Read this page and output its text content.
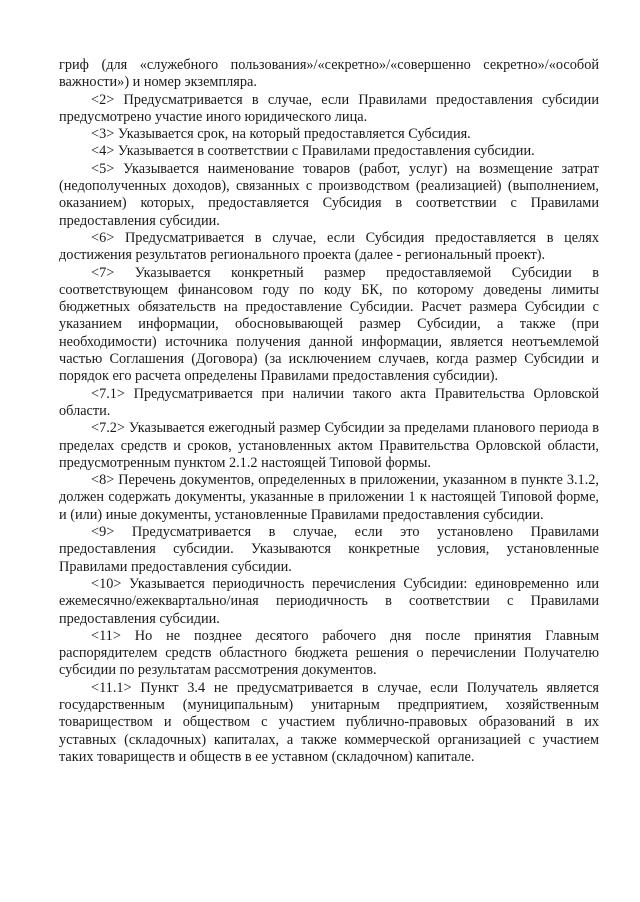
гриф (для «служебного пользования»/«секретно»/«совершенно секретно»/«особой важности») и номер экземпляра.

<2> Предусматривается в случае, если Правилами предоставления субсидии предусмотрено участие иного юридического лица.

<3> Указывается срок, на который предоставляется Субсидия.

<4> Указывается в соответствии с Правилами предоставления субсидии.

<5> Указывается наименование товаров (работ, услуг) на возмещение затрат (недополученных доходов), связанных с производством (реализацией) (выполнением, оказанием) которых, предоставляется Субсидия в соответствии с Правилами предоставления субсидии.

<6> Предусматривается в случае, если Субсидия предоставляется в целях достижения результатов регионального проекта (далее - региональный проект).

<7> Указывается конкретный размер предоставляемой Субсидии в соответствующем финансовом году по коду БК, по которому доведены лимиты бюджетных обязательств на предоставление Субсидии. Расчет размера Субсидии с указанием информации, обосновывающей размер Субсидии, а также (при необходимости) источника получения данной информации, является неотъемлемой частью Соглашения (Договора) (за исключением случаев, когда размер Субсидии и порядок его расчета определены Правилами предоставления субсидии).

<7.1> Предусматривается при наличии такого акта Правительства Орловской области.

<7.2> Указывается ежегодный размер Субсидии за пределами планового периода в пределах средств и сроков, установленных актом Правительства Орловской области, предусмотренным пунктом 2.1.2 настоящей Типовой формы.

<8> Перечень документов, определенных в приложении, указанном в пункте 3.1.2, должен содержать документы, указанные в приложении 1 к настоящей Типовой форме, и (или) иные документы, установленные Правилами предоставления субсидии.

<9> Предусматривается в случае, если это установлено Правилами предоставления субсидии. Указываются конкретные условия, установленные Правилами предоставления субсидии.

<10> Указывается периодичность перечисления Субсидии: единовременно или ежемесячно/ежеквартально/иная периодичность в соответствии с Правилами предоставления субсидии.

<11> Но не позднее десятого рабочего дня после принятия Главным распорядителем средств областного бюджета решения о перечислении Получателю субсидии по результатам рассмотрения документов.

<11.1> Пункт 3.4 не предусматривается в случае, если Получатель является государственным (муниципальным) унитарным предприятием, хозяйственным товариществом и обществом с участием публично-правовых образований в их уставных (складочных) капиталах, а также коммерческой организацией с участием таких товариществ и обществ в ее уставном (складочном) капитале.
